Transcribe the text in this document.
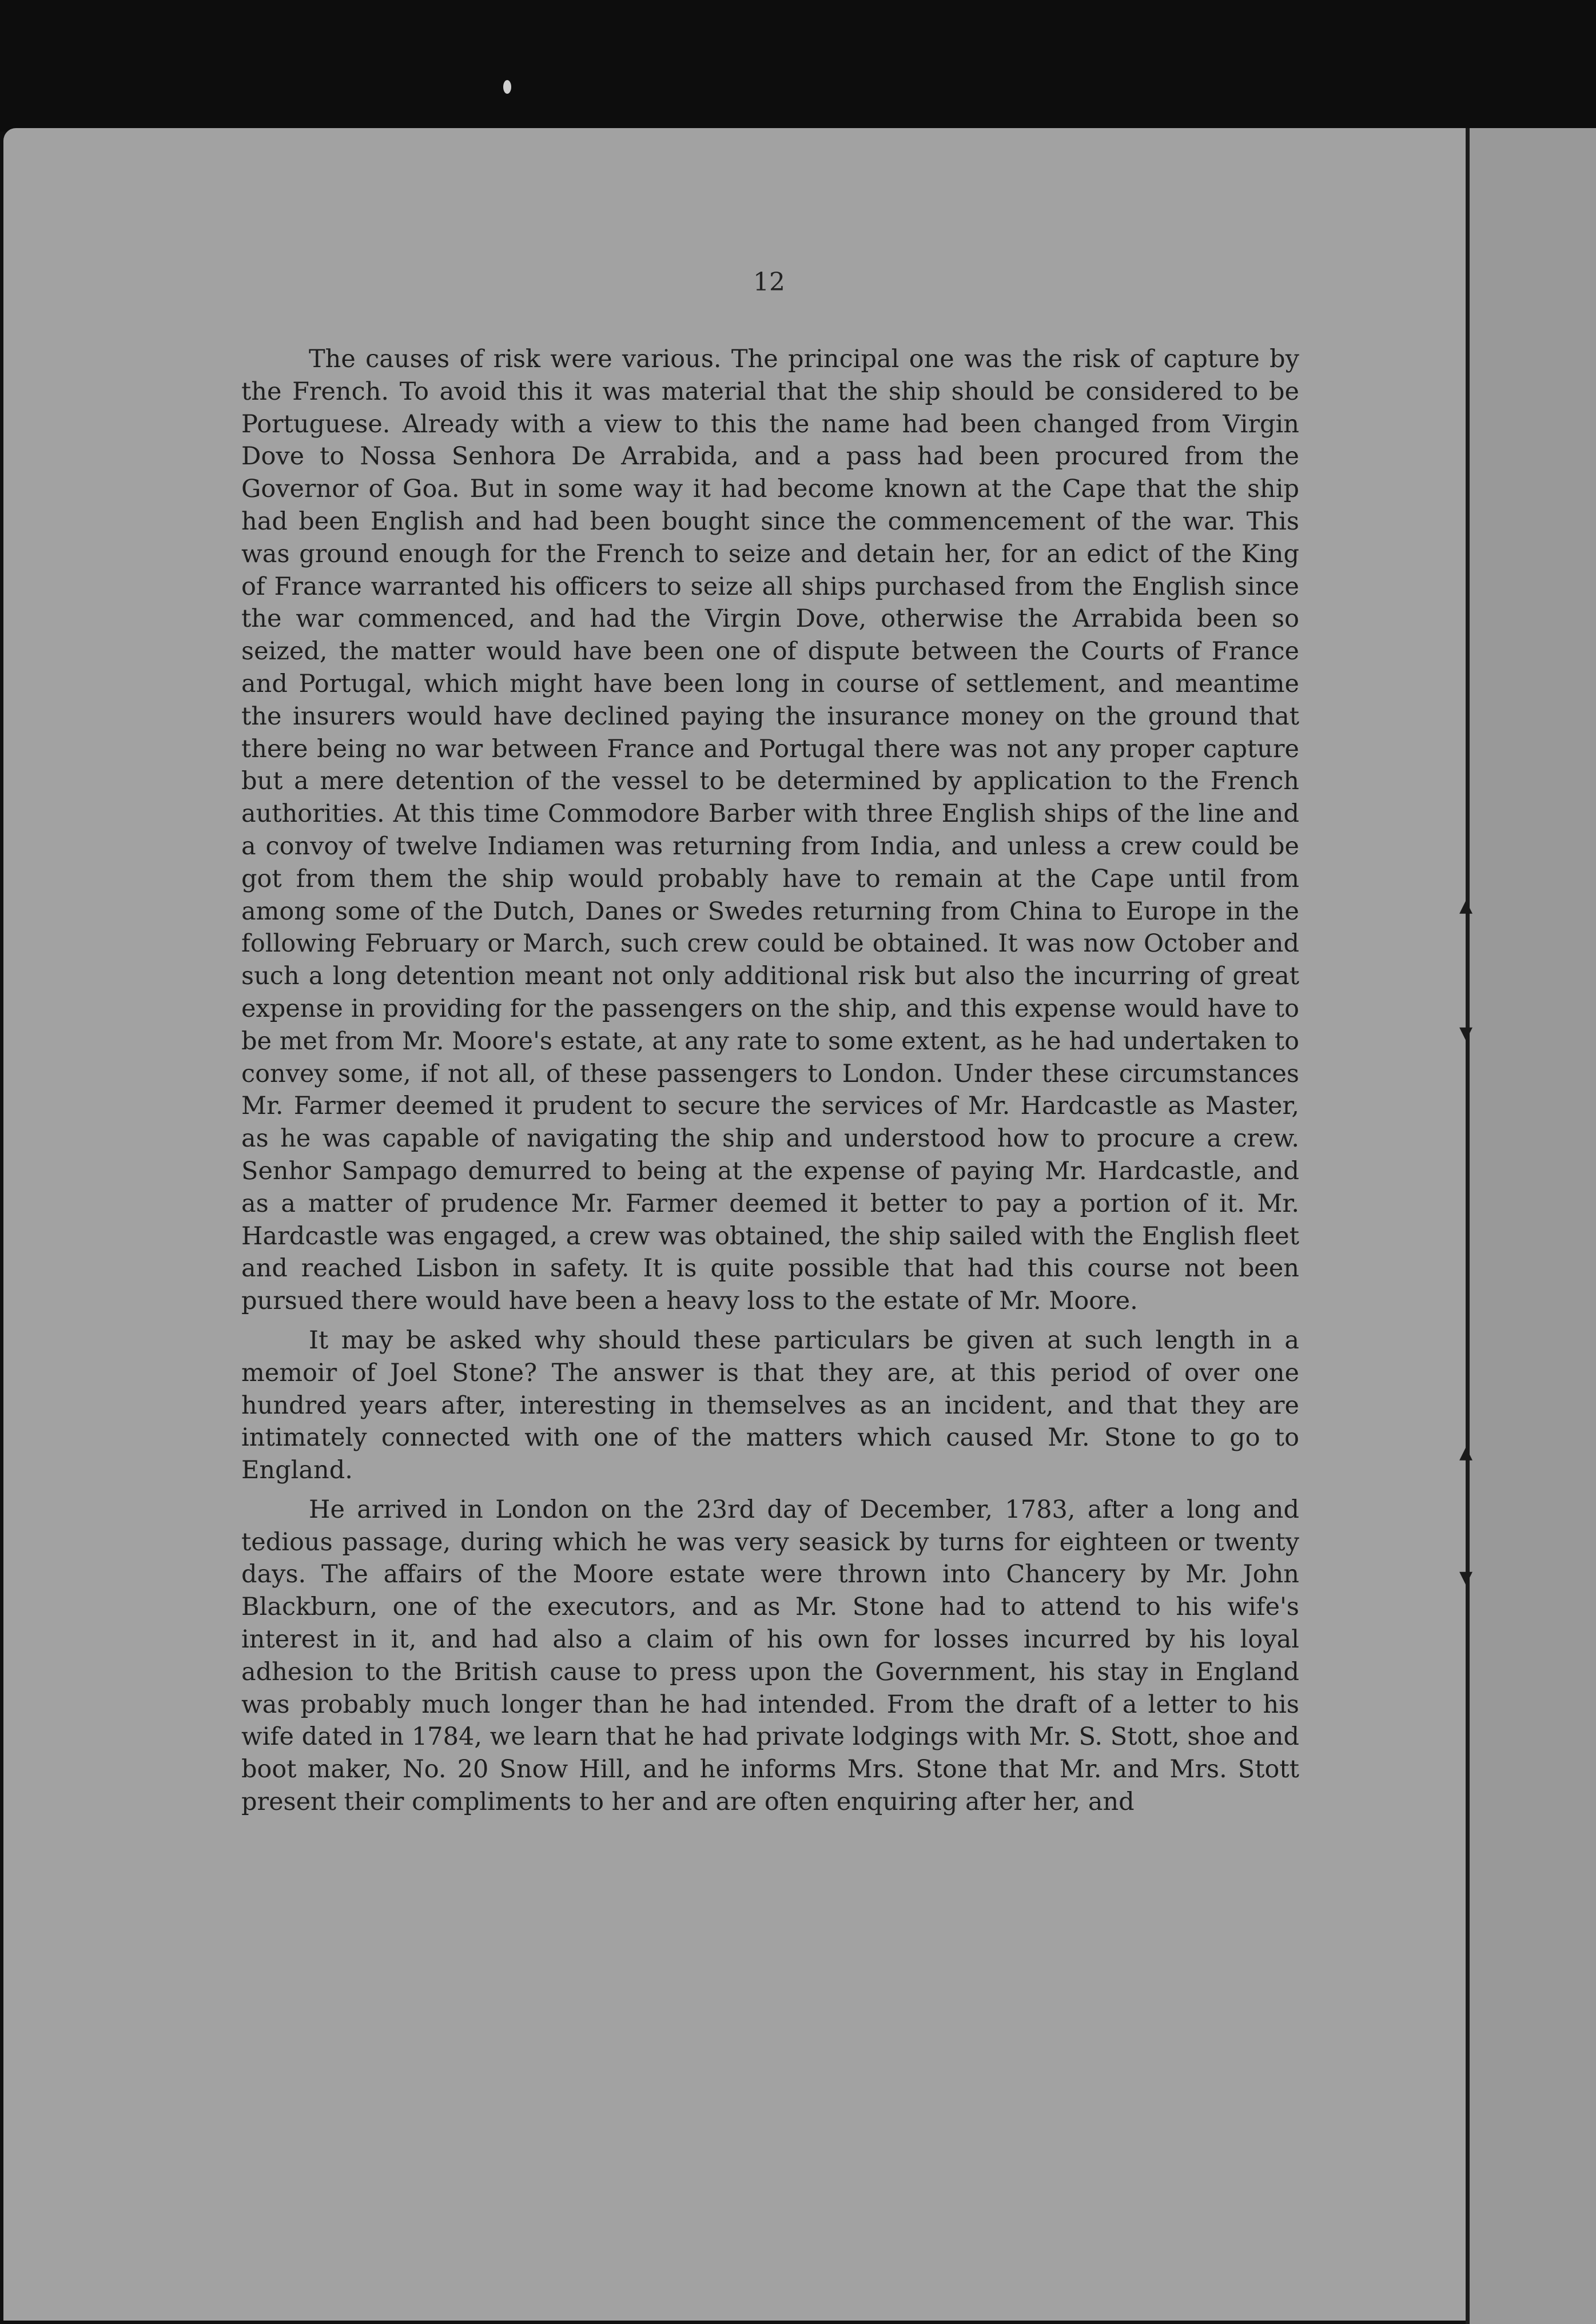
▲
▼
▲
▼
12

The causes of risk were various. The principal one was the risk of capture by the French. To avoid this it was material that the ship should be considered to be Portuguese. Already with a view to this the name had been changed from Virgin Dove to Nossa Senhora De Arrabida, and a pass had been procured from the Governor of Goa. But in some way it had become known at the Cape that the ship had been English and had been bought since the commencement of the war. This was ground enough for the French to seize and detain her, for an edict of the King of France warranted his officers to seize all ships purchased from the English since the war commenced, and had the Virgin Dove, otherwise the Arrabida been so seized, the matter would have been one of dispute between the Courts of France and Portugal, which might have been long in course of settlement, and meantime the insurers would have declined paying the insurance money on the ground that there being no war between France and Portugal there was not any proper capture but a mere detention of the vessel to be determined by application to the French authorities. At this time Commodore Barber with three English ships of the line and a convoy of twelve Indiamen was returning from India, and unless a crew could be got from them the ship would probably have to remain at the Cape until from among some of the Dutch, Danes or Swedes returning from China to Europe in the following February or March, such crew could be obtained. It was now October and such a long detention meant not only additional risk but also the incurring of great expense in providing for the passengers on the ship, and this expense would have to be met from Mr. Moore's estate, at any rate to some extent, as he had undertaken to convey some, if not all, of these passengers to London. Under these circumstances Mr. Farmer deemed it prudent to secure the services of Mr. Hardcastle as Master, as he was capable of navigating the ship and understood how to procure a crew. Senhor Sampago demurred to being at the expense of paying Mr. Hardcastle, and as a matter of prudence Mr. Farmer deemed it better to pay a portion of it. Mr. Hardcastle was engaged, a crew was obtained, the ship sailed with the English fleet and reached Lisbon in safety. It is quite possible that had this course not been pursued there would have been a heavy loss to the estate of Mr. Moore.

It may be asked why should these particulars be given at such length in a memoir of Joel Stone? The answer is that they are, at this period of over one hundred years after, interesting in themselves as an incident, and that they are intimately connected with one of the matters which caused Mr. Stone to go to England.

He arrived in London on the 23rd day of December, 1783, after a long and tedious passage, during which he was very seasick by turns for eighteen or twenty days. The affairs of the Moore estate were thrown into Chancery by Mr. John Blackburn, one of the executors, and as Mr. Stone had to attend to his wife's interest in it, and had also a claim of his own for losses incurred by his loyal adhesion to the British cause to press upon the Government, his stay in England was probably much longer than he had intended. From the draft of a letter to his wife dated in 1784, we learn that he had private lodgings with Mr. S. Stott, shoe and boot maker, No. 20 Snow Hill, and he informs Mrs. Stone that Mr. and Mrs. Stott present their compliments to her and are often enquiring after her, and
